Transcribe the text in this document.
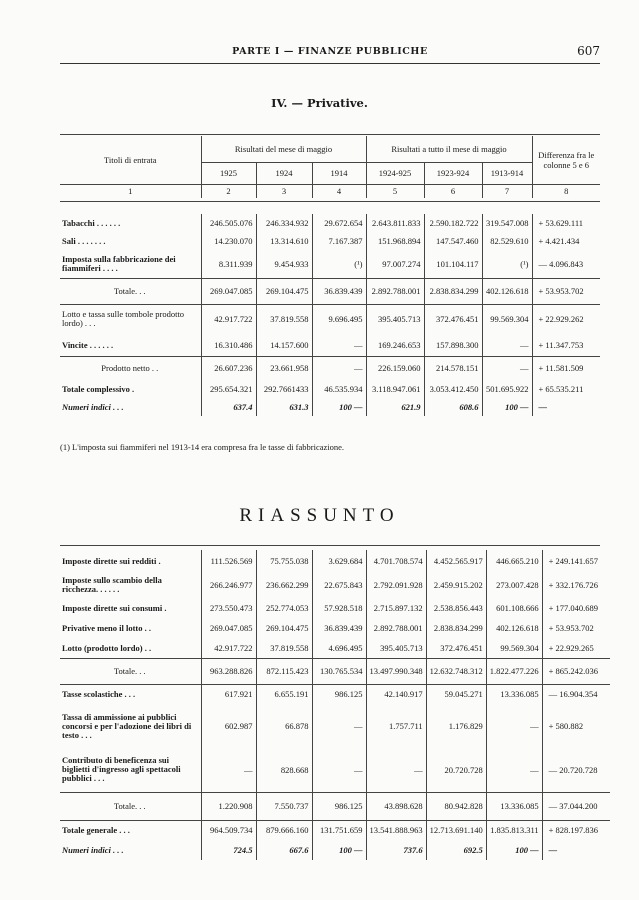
PARTE I — FINANZE PUBBLICHE	607
IV. — Privative.
Titoli di entrata	Risultati del mese di maggio			Risultati a tutto il mese di maggio			Differenza fra le colonne 5 e 6
	1925	1924	1914	1924-925	1923-924	1913-914	
1	2	3	4	5	6	7	8
Tabacchi . . . . . .	246.505.076	246.334.932	29.672.654	2.643.811.833	2.590.182.722	319.547.008	+ 53.629.111
Sali . . . . . . .	14.230.070	13.314.610	7.167.387	151.968.894	147.547.460	82.529.610	+ 4.421.434
Imposta sulla fabbricazione dei fiammiferi . . . .	8.311.939	9.454.933	(¹)	97.007.274	101.104.117	(¹)	— 4.096.843
Totale. . .	269.047.085	269.104.475	36.839.439	2.892.788.001	2.838.834.299	402.126.618	+ 53.953.702
Lotto e tassa sulle tombole prodotto lordo) . . .	42.917.722	37.819.558	9.696.495	395.405.713	372.476.451	99.569.304	+ 22.929.262
Vincite . . . . . .	16.310.486	14.157.600	—	169.246.653	157.898.300	—	+ 11.347.753
Prodotto netto . .	26.607.236	23.661.958	—	226.159.060	214.578.151	—	+ 11.581.509
Totale complessivo .	295.654.321	292.7661433	46.535.934	3.118.947.061	3.053.412.450	501.695.922	+ 65.535.211
Numeri indici . . .	637.4	631.3	100 —	621.9	608.6	100 —	—
(1) L'imposta sui fiammiferi nel 1913-14 era compresa fra le tasse di fabbricazione.
RIASSUNTO
Imposte dirette sui redditi .	111.526.569	75.755.038	3.629.684	4.701.708.574	4.452.565.917	446.665.210	+ 249.141.657
Imposte sullo scambio della ricchezza. . . . . .	266.246.977	236.662.299	22.675.843	2.792.091.928	2.459.915.202	273.007.428	+ 332.176.726
Imposte dirette sui consumi .	273.550.473	252.774.053	57.928.518	2.715.897.132	2.538.856.443	601.108.666	+ 177.040.689
Privative meno il lotto . .	269.047.085	269.104.475	36.839.439	2.892.788.001	2.838.834.299	402.126.618	+ 53.953.702
Lotto (prodotto lordo) . .	42.917.722	37.819.558	4.696.495	395.405.713	372.476.451	99.569.304	+ 22.929.265
Totale. . .	963.288.826	872.115.423	130.765.534	13.497.990.348	12.632.748.312	1.822.477.226	+ 865.242.036
Tasse scolastiche . . .	617.921	6.655.191	986.125	42.140.917	59.045.271	13.336.085	— 16.904.354
Tassa di ammissione ai pubblici concorsi e per l'adozione dei libri di testo . . .	602.987	66.878	—	1.757.711	1.176.829	—	+ 580.882
Contributo di beneficenza sui biglietti d'ingresso agli spettacoli pubblici . . .	—	828.668	—	—	20.720.728	—	— 20.720.728
Totale. . .	1.220.908	7.550.737	986.125	43.898.628	80.942.828	13.336.085	— 37.044.200
Totale generale . . .	964.509.734	879.666.160	131.751.659	13.541.888.963	12.713.691.140	1.835.813.311	+ 828.197.836
Numeri indici . . .	724.5	667.6	100 —	737.6	692.5	100 —	—
